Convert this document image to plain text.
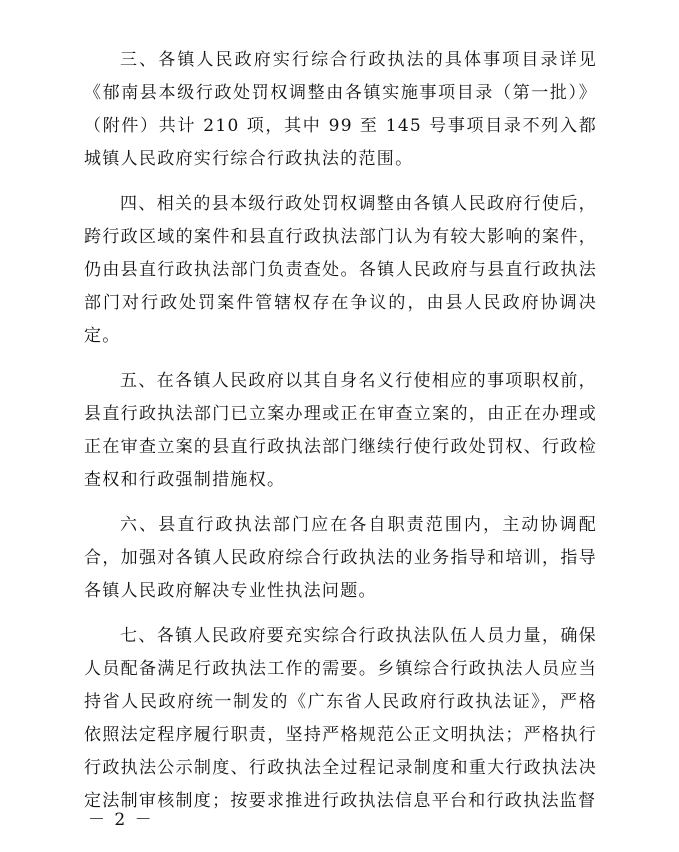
三、各镇人民政府实行综合行政执法的具体事项目录详见《郁南县本级行政处罚权调整由各镇实施事项目录（第一批）》（附件）共计 210 项，其中 99 至 145 号事项目录不列入都城镇人民政府实行综合行政执法的范围。

四、相关的县本级行政处罚权调整由各镇人民政府行使后，跨行政区域的案件和县直行政执法部门认为有较大影响的案件，仍由县直行政执法部门负责查处。各镇人民政府与县直行政执法部门对行政处罚案件管辖权存在争议的，由县人民政府协调决定。

五、在各镇人民政府以其自身名义行使相应的事项职权前，县直行政执法部门已立案办理或正在审查立案的，由正在办理或正在审查立案的县直行政执法部门继续行使行政处罚权、行政检查权和行政强制措施权。

六、县直行政执法部门应在各自职责范围内，主动协调配合，加强对各镇人民政府综合行政执法的业务指导和培训，指导各镇人民政府解决专业性执法问题。

七、各镇人民政府要充实综合行政执法队伍人员力量，确保人员配备满足行政执法工作的需要。乡镇综合行政执法人员应当持省人民政府统一制发的《广东省人民政府行政执法证》，严格依照法定程序履行职责，坚持严格规范公正文明执法；严格执行行政执法公示制度、行政执法全过程记录制度和重大行政执法决定法制审核制度；按要求推进行政执法信息平台和行政执法监督

－ 2 －
